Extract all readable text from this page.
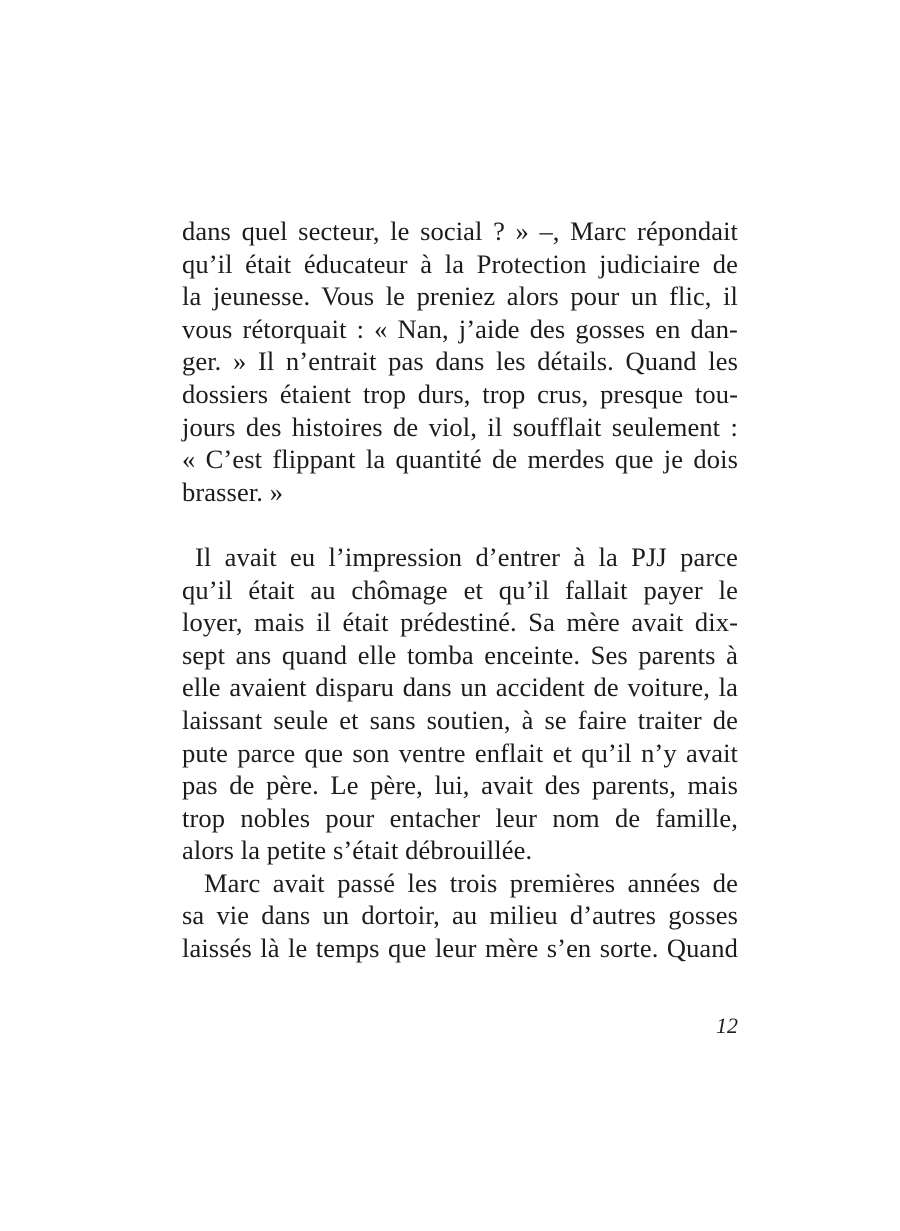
dans quel secteur, le social ? » –, Marc répondait
qu’il était éducateur à la Protection judiciaire de
la jeunesse. Vous le preniez alors pour un flic, il
vous rétorquait : « Nan, j’aide des gosses en dan-
ger. » Il n’entrait pas dans les détails. Quand les
dossiers étaient trop durs, trop crus, presque tou-
jours des histoires de viol, il soufflait seulement :
« C’est flippant la quantité de merdes que je dois
brasser. »

Il avait eu l’impression d’entrer à la PJJ parce
qu’il était au chômage et qu’il fallait payer le
loyer, mais il était prédestiné. Sa mère avait dix-
sept ans quand elle tomba enceinte. Ses parents à
elle avaient disparu dans un accident de voiture, la
laissant seule et sans soutien, à se faire traiter de
pute parce que son ventre enflait et qu’il n’y avait
pas de père. Le père, lui, avait des parents, mais
trop nobles pour entacher leur nom de famille,
alors la petite s’était débrouillée.

Marc avait passé les trois premières années de
sa vie dans un dortoir, au milieu d’autres gosses
laissés là le temps que leur mère s’en sorte. Quand

12
